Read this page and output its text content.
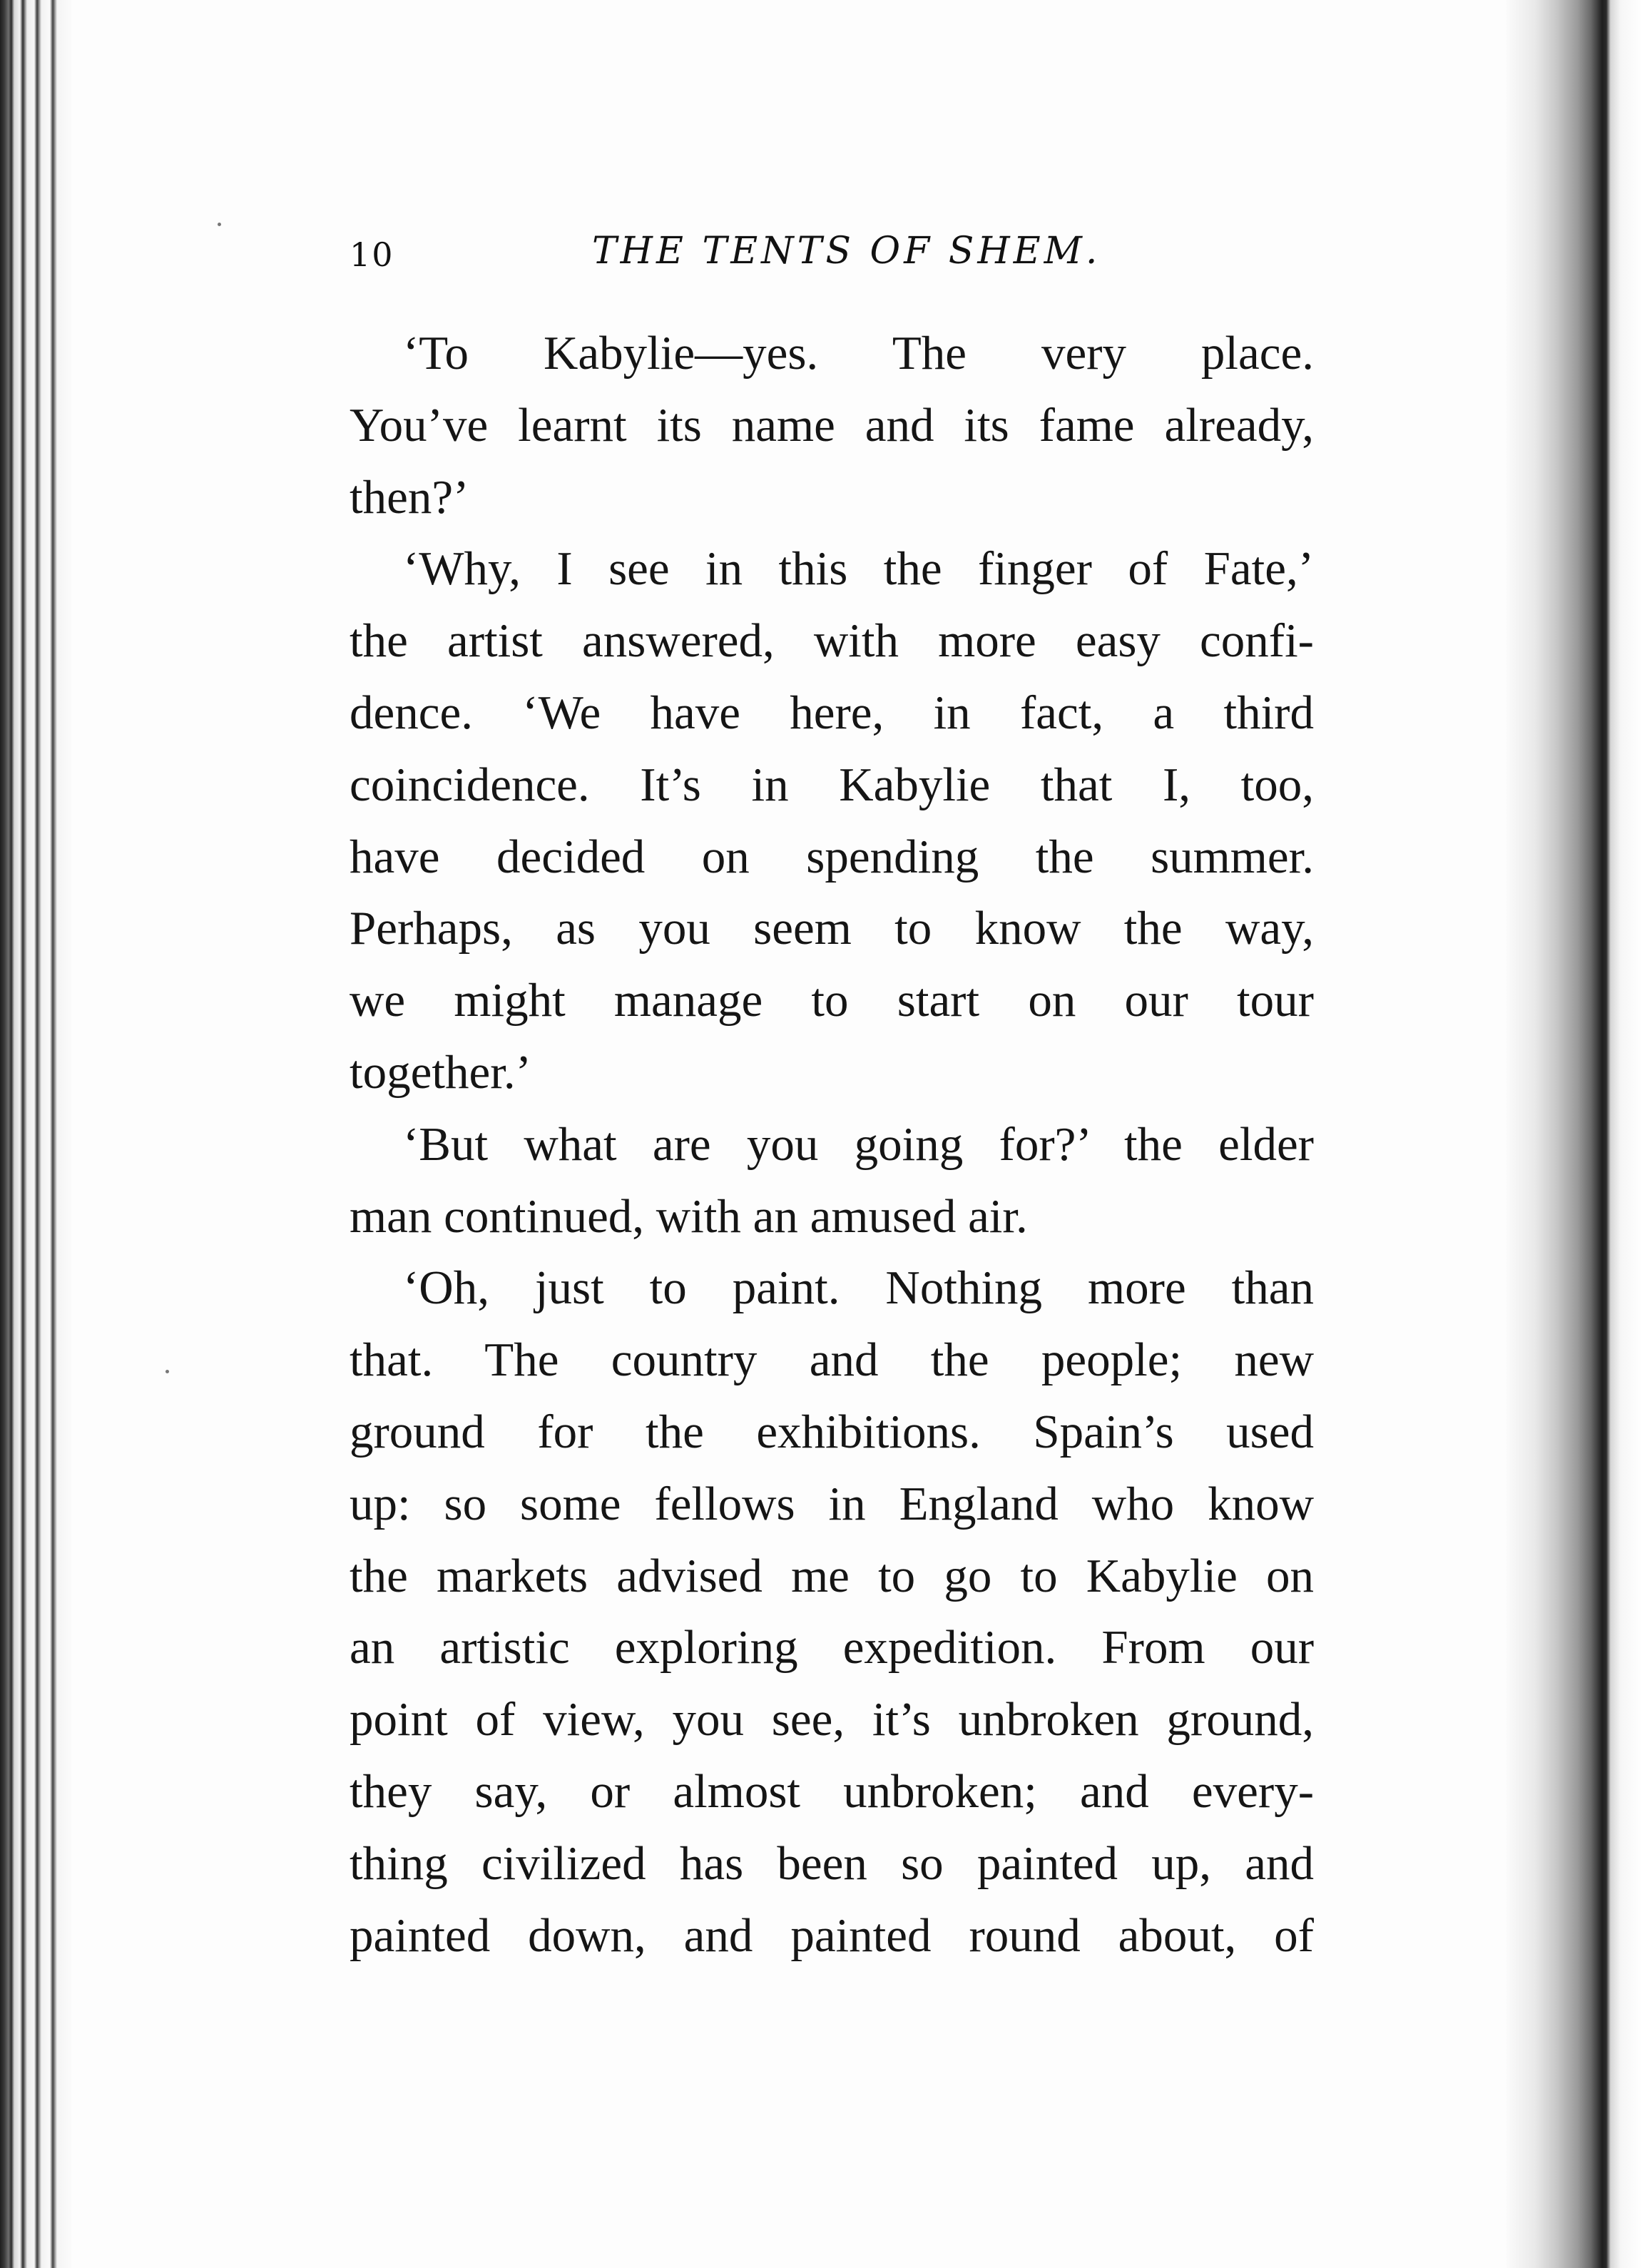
10	THE TENTS OF SHEM.
‘To Kabylie—yes. The very place.
You’ve learnt its name and its fame already,
then?’
‘Why, I see in this the finger of Fate,’
the artist answered, with more easy confi-
dence. ‘We have here, in fact, a third
coincidence. It’s in Kabylie that I, too,
have decided on spending the summer.
Perhaps, as you seem to know the way,
we might manage to start on our tour
together.’
‘But what are you going for?’ the elder
man continued, with an amused air.
‘Oh, just to paint. Nothing more than
that. The country and the people; new
ground for the exhibitions. Spain’s used
up: so some fellows in England who know
the markets advised me to go to Kabylie on
an artistic exploring expedition. From our
point of view, you see, it’s unbroken ground,
they say, or almost unbroken; and every-
thing civilized has been so painted up, and
painted down, and painted round about, of
